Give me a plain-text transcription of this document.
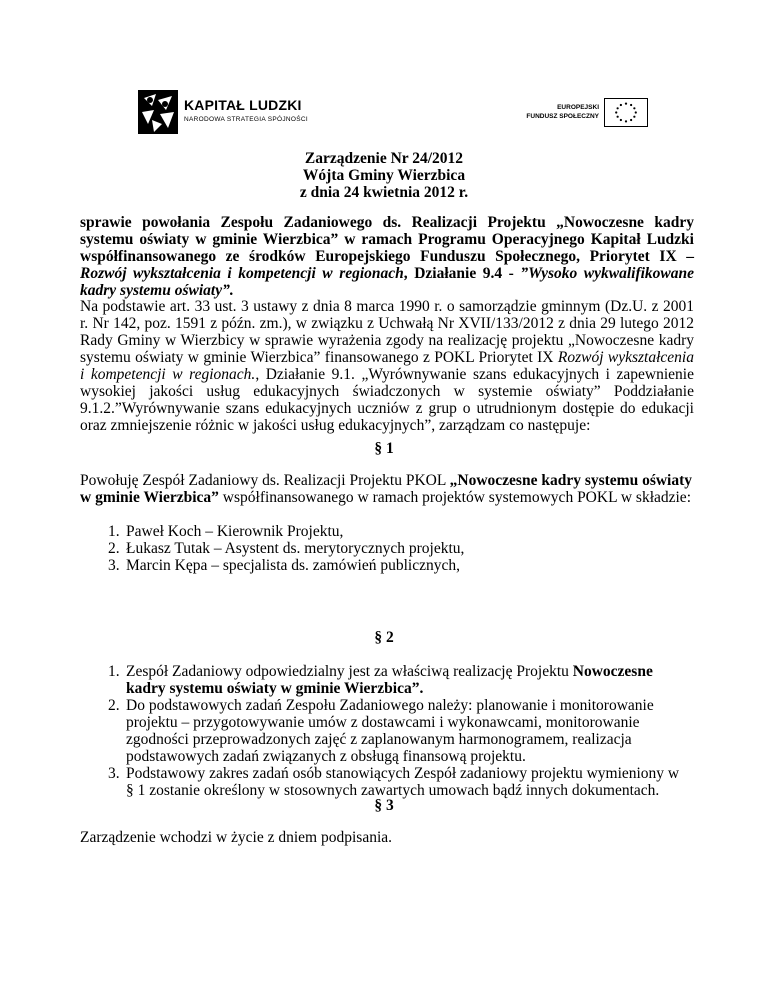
KAPITAŁ LUDZKI
NARODOWA STRATEGIA SPÓJNOŚCI
EUROPEJSKI
FUNDUSZ SPOŁECZNY
Zarządzenie Nr 24/2012
Wójta Gminy Wierzbica
z dnia 24 kwietnia 2012 r.
sprawie powołania Zespołu Zadaniowego ds. Realizacji Projektu „Nowoczesne kadry systemu oświaty w gminie Wierzbica” w ramach Programu Operacyjnego Kapitał Ludzki współfinansowanego ze środków Europejskiego Funduszu Społecznego, Priorytet IX – Rozwój wykształcenia i kompetencji w regionach, Działanie 9.4 - ”Wysoko wykwalifikowane kadry systemu oświaty”.
Na podstawie art. 33 ust. 3 ustawy z dnia 8 marca 1990 r. o samorządzie gminnym (Dz.U. z 2001 r. Nr 142, poz. 1591 z późn. zm.), w związku z Uchwałą Nr XVII/133/2012 z dnia 29 lutego 2012 Rady Gminy w Wierzbicy w sprawie wyrażenia zgody na realizację projektu „Nowoczesne kadry systemu oświaty w gminie Wierzbica” finansowanego z POKL Priorytet IX Rozwój wykształcenia i kompetencji w regionach., Działanie 9.1. „Wyrównywanie szans edukacyjnych i zapewnienie wysokiej jakości usług edukacyjnych świadczonych w systemie oświaty” Poddziałanie 9.1.2.”Wyrównywanie szans edukacyjnych uczniów z grup o utrudnionym dostępie do edukacji oraz zmniejszenie różnic w jakości usług edukacyjnych”, zarządzam co następuje:
§ 1
Powołuję Zespół Zadaniowy ds. Realizacji Projektu PKOL „Nowoczesne kadry systemu oświaty w gminie Wierzbica” współfinansowanego w ramach projektów systemowych POKL w składzie:
1. Paweł Koch – Kierownik Projektu,
2. Łukasz Tutak – Asystent ds. merytorycznych projektu,
3. Marcin Kępa – specjalista ds. zamówień publicznych,
§ 2
1. Zespół Zadaniowy odpowiedzialny jest za właściwą realizację Projektu Nowoczesne kadry systemu oświaty w gminie Wierzbica”.
2. Do podstawowych zadań Zespołu Zadaniowego należy: planowanie i monitorowanie projektu – przygotowywanie umów z dostawcami i wykonawcami, monitorowanie zgodności przeprowadzonych zajęć z zaplanowanym harmonogramem, realizacja podstawowych zadań związanych z obsługą finansową projektu.
3. Podstawowy zakres zadań osób stanowiących Zespół zadaniowy projektu wymieniony w § 1 zostanie określony w stosownych zawartych umowach bądź innych dokumentach.
§ 3
Zarządzenie wchodzi w życie z dniem podpisania.
